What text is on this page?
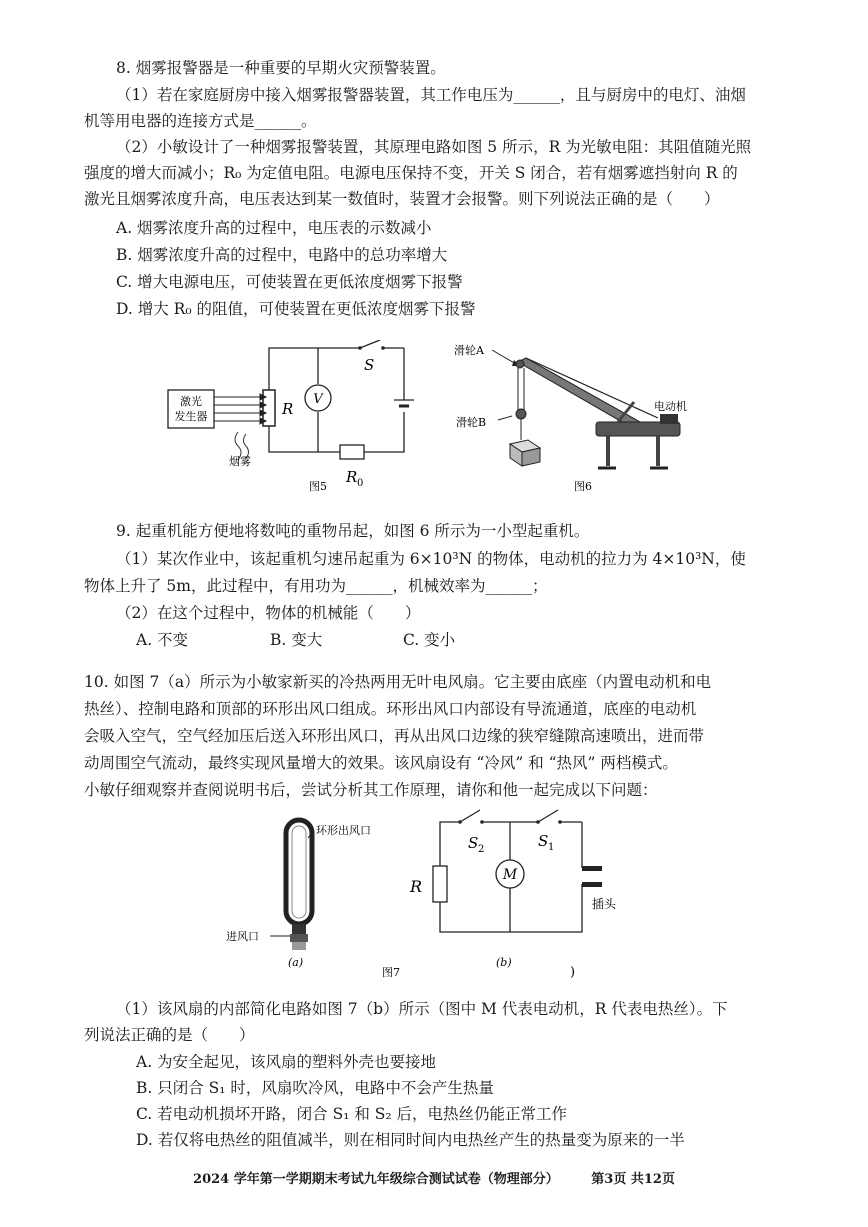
8. 烟雾报警器是一种重要的早期火灾预警装置。
（1）若在家庭厨房中接入烟雾报警器装置，其工作电压为______，且与厨房中的电灯、油烟
机等用电器的连接方式是______。
（2）小敏设计了一种烟雾报警装置，其原理电路如图 5 所示，R 为光敏电阻：其阻值随光照
强度的增大而减小；R₀ 为定值电阻。电源电压保持不变，开关 S 闭合，若有烟雾遮挡射向 R 的
激光且烟雾浓度升高，电压表达到某一数值时，装置才会报警。则下列说法正确的是（　　）
A. 烟雾浓度升高的过程中，电压表的示数减小
B. 烟雾浓度升高的过程中，电路中的总功率增大
C. 增大电源电压，可使装置在更低浓度烟雾下报警
D. 增大 R₀ 的阻值，可使装置在更低浓度烟雾下报警
激光
发生器
烟雾
R
S
V
R 0
图5
滑轮A
滑轮B
电动机
图6
9. 起重机能方便地将数吨的重物吊起，如图 6 所示为一小型起重机。
（1）某次作业中，该起重机匀速吊起重为 6×10³N 的物体，电动机的拉力为 4×10³N，使
物体上升了 5m，此过程中，有用功为______，机械效率为______；
（2）在这个过程中，物体的机械能（　　）
A. 不变	B. 变大	C. 变小
10. 如图 7（a）所示为小敏家新买的冷热两用无叶电风扇。它主要由底座（内置电动机和电
热丝）、控制电路和顶部的环形出风口组成。环形出风口内部设有导流通道，底座的电动机
会吸入空气，空气经加压后送入环形出风口，再从出风口边缘的狭窄缝隙高速喷出，进而带
动周围空气流动，最终实现风量增大的效果。该风扇设有 “冷风” 和 “热风” 两档模式。
小敏仔细观察并查阅说明书后，尝试分析其工作原理，请你和他一起完成以下问题：
环形出风口
进风口
(a)
图7
(b)
)
S 2	S 1
R
M
插头
（1）该风扇的内部简化电路如图 7（b）所示（图中 M 代表电动机，R 代表电热丝）。下
列说法正确的是（　　）
A. 为安全起见，该风扇的塑料外壳也要接地
B. 只闭合 S₁ 时，风扇吹冷风，电路中不会产生热量
C. 若电动机损坏开路，闭合 S₁ 和 S₂ 后，电热丝仍能正常工作
D. 若仅将电热丝的阻值减半，则在相同时间内电热丝产生的热量变为原来的一半
2024 学年第一学期期末考试九年级综合测试试卷（物理部分）	第3页 共12页
